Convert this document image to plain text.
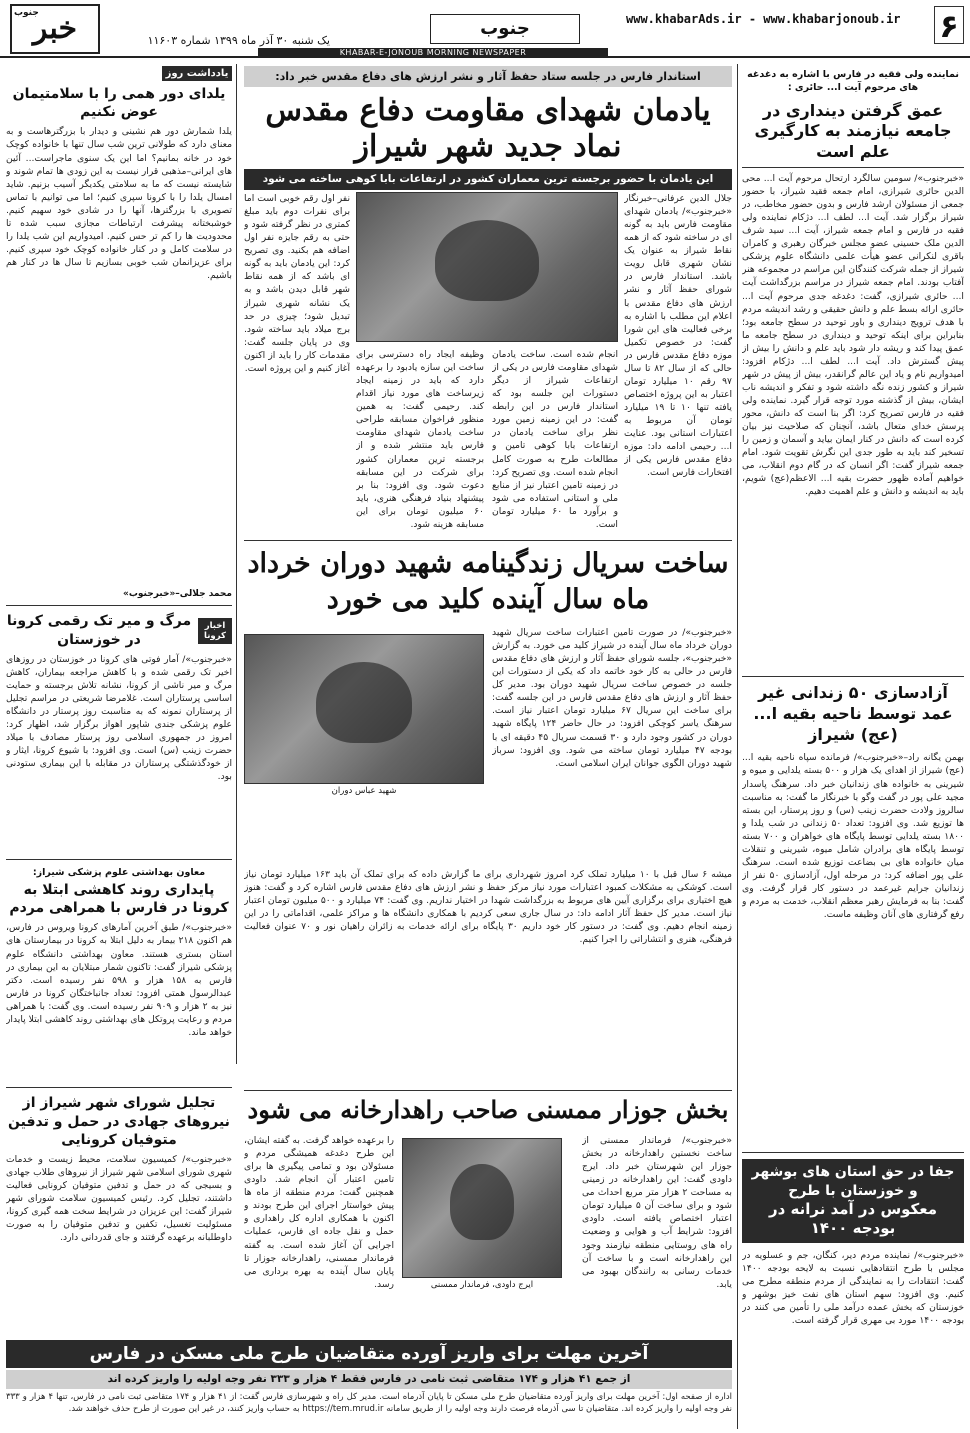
۶
www.khabarAds.ir - www.khabarjonoub.ir
جنوب
KHABAR-E-JONOUB MORNING NEWSPAPER
خبر
جنوب
یک شنبه ۳۰ آذر ماه ۱۳۹۹ شماره ۱۱۶۰۳
نماینده ولی فقیه در فارس با اشاره به دغدغه های مرحوم آیت ا... حائری :
عمق گرفتن دینداری در جامعه نیازمند به کارگیری علم است
«خبرجنوب»/ سومین سالگرد ارتحال مرحوم آیت ا... محی الدین حائری شیرازی، امام جمعه فقید شیراز، با حضور جمعی از مسئولان ارشد فارس و بدون حضور مخاطب، در شیراز برگزار شد. آیت ا... لطف ا... دژکام نماینده ولی فقیه در فارس و امام جمعه شیراز، آیت ا... سید شرف الدین ملک حسینی عضو مجلس خبرگان رهبری و کامران باقری لنکرانی عضو هیأت علمی دانشگاه علوم پزشکی شیراز از جمله شرکت کنندگان این مراسم در مجموعه هنر آفتاب بودند. امام جمعه شیراز در مراسم بزرگداشت آیت ا... حائری شیرازی، گفت: دغدغه جدی مرحوم آیت ا... حائری ارائه بسط علم و دانش حقیقی و رشد اندیشه مردم با هدف ترویج دینداری و باور توحید در سطح جامعه بود؛ بنابراین برای اینکه توحید و دینداری در سطح جامعه ما عمق پیدا کند و ریشه دار شود باید علم و دانش را بیش از پیش گسترش داد. آیت ا... لطف ا... دژکام افزود: امیدواریم نام و یاد این عالم گرانقدر، بیش از پیش در شهر شیراز و کشور زنده نگه داشته شود و تفکر و اندیشه ناب ایشان، بیش از گذشته مورد توجه قرار گیرد. نماینده ولی فقیه در فارس تصریح کرد: اگر بنا است که دانش، محور پرسش خدای متعال باشد، آنچنان که صلاحیت نیز بیان کرده است که دانش در کنار ایمان بیاید و آسمان و زمین را تسخیر کند باید به طور جدی این نگرش تقویت شود. امام جمعه شیراز گفت: اگر انسان که در گام دوم انقلاب، می خواهیم آماده ظهور حضرت بقیه ا... الاعظم(عج) شویم، باید به اندیشه و دانش و علم اهمیت دهیم.
آزادسازی ۵۰ زندانی غیر عمد توسط ناحیه بقیه ا... (عج) شیراز
بهمن یگانه راد–«خبرجنوب»/ فرمانده سپاه ناحیه بقیه ا... (عج) شیراز از اهدای یک هزار و ۵۰۰ بسته یلدایی و میوه و شیرینی به خانواده های زندانیان خبر داد. سرهنگ پاسدار مجید علی پور در گفت وگو با خبرنگار ما گفت: به مناسبت سالروز ولادت حضرت زینب (س) و روز پرستار، این بسته ها توزیع شد. وی افزود: تعداد ۵۰ زندانی در شب یلدا و ۱۸۰۰ بسته یلدایی توسط پایگاه های خواهران و ۷۰۰ بسته توسط پایگاه های برادران شامل میوه، شیرینی و تنقلات میان خانواده های بی بضاعت توزیع شده است. سرهنگ علی پور اضافه کرد: در مرحله اول، آزادسازی ۵۰ نفر از زندانیان جرایم غیرعمد در دستور کار قرار گرفت. وی گفت: بنا به فرمایش رهبر معظم انقلاب، خدمت به مردم و رفع گرفتاری های آنان وظیفه ماست.
جفا در حق استان های بوشهر و خوزستان با طرح
معکوس در آمد نرانه در بودجه ۱۴۰۰
«خبرجنوب»/ نماینده مردم دیر، کنگان، جم و عسلویه در مجلس با طرح انتقادهایی نسبت به لایحه بودجه ۱۴۰۰ گفت: انتقادات را به نمایندگی از مردم منطقه مطرح می کنیم. وی افزود: سهم استان های نفت خیز بوشهر و خوزستان که بخش عمده درآمد ملی را تأمین می کنند در بودجه ۱۴۰۰ مورد بی مهری قرار گرفته است.
استاندار فارس در جلسه ستاد حفظ آثار و نشر ارزش های دفاع مقدس خبر داد:
یادمان شهدای مقاومت دفاع مقدس نماد جدید شهر شیراز
این یادمان با حضور برجسته ترین معماران کشور در ارتفاعات بابا کوهی ساخته می شود
جلال الدین عرفانی–خبرنگار «خبرجنوب»/ یادمان شهدای مقاومت فارس باید به گونه ای در ساخته شود که از همه نقاط شیراز به عنوان یک نشان شهری قابل رویت باشد. استاندار فارس در شورای حفظ آثار و نشر ارزش های دفاع مقدس با اعلام این مطلب با اشاره به برخی فعالیت های این شورا گفت: در خصوص تکمیل موزه دفاع مقدس فارس در حالی که از سال ۸۲ تا سال ۹۷ رقم ۱۰ میلیارد تومان اعتبار به این پروژه اختصاص یافته تنها ۱۰ تا ۱۹ میلیارد تومان آن مربوط به اعتبارات استانی بود. عنایت ا... رحیمی ادامه داد: موزه دفاع مقدس فارس یکی از افتخارات فارس است.
انجام شده است. ساخت یادمان شهدای مقاومت فارس در یکی از ارتفاعات شیراز از دیگر دستورات این جلسه بود که استاندار فارس در این رابطه گفت: در این زمینه زمین مورد نظر برای ساخت یادمان در ارتفاعات بابا کوهی تامین و مطالعات طرح به صورت کامل انجام شده است. وی تصریح کرد: در زمینه تامین اعتبار نیز از منابع ملی و استانی استفاده می شود و برآورد ما ۶۰ میلیارد تومان است.
وظیفه ایجاد راه دسترسی برای ساخت این سازه یادبود را برعهده دارد که باید در زمینه ایجاد زیرساخت های مورد نیاز اقدام کند. رحیمی گفت: به همین منظور فراخوان مسابقه طراحی ساخت یادمان شهدای مقاومت فارس باید منتشر شده و از برجسته ترین معماران کشور برای شرکت در این مسابقه دعوت شود. وی افزود: بنا بر پیشنهاد بنیاد فرهنگی هنری، باید ۶۰ میلیون تومان برای این مسابقه هزینه شود.
نفر اول رقم خوبی است اما برای نفرات دوم باید مبلغ کمتری در نظر گرفته شود و حتی به رقم جایزه نفر اول اضافه هم بکنید. وی تصریح کرد: این یادمان باید به گونه ای باشد که از همه نقاط شهر قابل دیدن باشد و به یک نشانه شهری شیراز تبدیل شود؛ چیزی در حد برج میلاد باید ساخته شود. وی در پایان جلسه گفت: مقدمات کار را باید از اکنون آغاز کنیم و این پروژه است.
ساخت سریال زندگینامه شهید دوران خرداد ماه سال آینده کلید می خورد
«خبرجنوب»/ در صورت تامین اعتبارات ساخت سریال شهید دوران خرداد ماه سال آینده در شیراز کلید می خورد. به گزارش «خبرجنوب»، جلسه شورای حفظ آثار و ارزش های دفاع مقدس فارس در حالی به کار خود خاتمه داد که یکی از دستورات این جلسه در خصوص ساخت سریال شهید دوران بود. مدیر کل حفظ آثار و ارزش های دفاع مقدس فارس در این جلسه گفت: برای ساخت این سریال ۶۷ میلیارد تومان اعتبار نیاز است. سرهنگ یاسر کوچکی افزود: در حال حاضر ۱۲۴ پایگاه شهید دوران در کشور وجود دارد و ۳۰ قسمت سریال ۴۵ دقیقه ای با بودجه ۴۷ میلیارد تومان ساخته می شود. وی افزود: سرباز شهید دوران الگوی جوانان ایران اسلامی است.
شهید عباس دوران
میشه ۶ سال قبل با ۱۰ میلیارد تملک کرد امروز شهرداری برای ما گزارش داده که برای تملک آن باید ۱۶۳ میلیارد تومان نیاز است. کوشکی به مشکلات کمبود اعتبارات مورد نیاز مرکز حفظ و نشر ارزش های دفاع مقدس فارس اشاره کرد و گفت: هنوز هیچ اختیاری برای برگزاری آیین های مربوط به بزرگداشت شهدا در اختیار نداریم. وی گفت: ۷۴ میلیارد و ۵۰۰ میلیون تومان اعتبار نیاز است. مدیر کل حفظ آثار ادامه داد: در سال جاری سعی کردیم با همکاری دانشگاه ها و مراکز علمی، اقداماتی را در این زمینه انجام دهیم. وی گفت: در دستور کار خود داریم ۳۰ پایگاه برای ارائه خدمات به زائران راهیان نور و ۷۰ عنوان فعالیت فرهنگی، هنری و انتشاراتی را اجرا کنیم.
بخش جوزار ممسنی صاحب راهدارخانه می شود
«خبرجنوب»/ فرماندار ممسنی از ساخت نخستین راهدارخانه در بخش جوزار این شهرستان خبر داد. ایرج داودی گفت: این راهدارخانه در زمینی به مساحت ۲ هزار متر مربع احداث می شود و برای ساخت آن ۵ میلیارد تومان اعتبار اختصاص یافته است. داودی افزود: شرایط آب و هوایی و وضعیت راه های روستایی منطقه نیازمند وجود این راهدارخانه است و با ساخت آن خدمات رسانی به رانندگان بهبود می یابد.
ایرج داودی، فرماندار ممسنی
را برعهده خواهد گرفت. به گفته ایشان، این طرح دغدغه همیشگی مردم و مسئولان بود و تمامی پیگیری ها برای تامین اعتبار آن انجام شد. داودی همچنین گفت: مردم منطقه از ماه ها پیش خواستار اجرای این طرح بودند و اکنون با همکاری اداره کل راهداری و حمل و نقل جاده ای فارس، عملیات اجرایی آن آغاز شده است. به گفته فرماندار ممسنی، راهدارخانه جوزار تا پایان سال آینده به بهره برداری می رسد.
یادداشت روز
یلدای دور همی را با سلامتیمان عوض نکنیم
یلدا شمارش دور هم نشینی و دیدار با بزرگترهاست و به معنای دارد که طولانی ترین شب سال تنها با خانواده کوچک خود در خانه بمانیم؟ اما این یک سنوی ماجراست... آئین های ایرانی–مذهبی قرار نیست به این زودی ها تمام شوند و شایسته نیست که ما به سلامتی یکدیگر آسیب بزنیم. شاید امسال یلدا را با کرونا سپری کنیم؛ اما می توانیم با تماس تصویری با بزرگترها، آنها را در شادی خود سهیم کنیم. خوشبختانه پیشرفت ارتباطات مجازی سبب شده تا محدودیت ها را کم تر حس کنیم. امیدواریم این شب یلدا را در سلامت کامل و در کنار خانواده کوچک خود سپری کنیم. برای عزیزانمان شب خوبی بسازیم تا سال ها در کنار هم باشیم.
محمد جلالی–«خبرجنوب»
اخبار کرونا
مرگ و میر تک رقمی کرونا در خوزستان
«خبرجنوب»/ آمار فوتی های کرونا در خوزستان در روزهای اخیر تک رقمی شده و با کاهش مراجعه بیماران، کاهش مرگ و میر ناشی از کرونا، نشانه تلاش برجسته و حمایت اساسی پرستاران است. غلامرضا شریعتی در مراسم تجلیل از پرستاران نمونه که به مناسبت روز پرستار در دانشگاه علوم پزشکی جندی شاپور اهواز برگزار شد، اظهار کرد: امروز در جمهوری اسلامی روز پرستار مصادف با میلاد حضرت زینب (س) است. وی افزود: با شیوع کرونا، ایثار و از خودگذشتگی پرستاران در مقابله با این بیماری ستودنی بود.
معاون بهداشتی علوم پزشکی شیراز:
پایداری روند کاهشی ابتلا به کرونا در فارس با همراهی مردم
«خبرجنوب»/ طبق آخرین آمارهای کرونا ویروس در فارس، هم اکنون ۲۱۸ بیمار به دلیل ابتلا به کرونا در بیمارستان های استان بستری هستند. معاون بهداشتی دانشگاه علوم پزشکی شیراز گفت: تاکنون شمار مبتلایان به این بیماری در فارس به ۱۵۸ هزار و ۵۹۸ نفر رسیده است. دکتر عبدالرسول همتی افزود: تعداد جانباختگان کرونا در فارس نیز به ۲ هزار و ۹۰۹ نفر رسیده است. وی گفت: با همراهی مردم و رعایت پروتکل های بهداشتی روند کاهشی ابتلا پایدار خواهد ماند.
تجلیل شورای شهر شیراز از نیروهای جهادی در حمل و تدفین متوفیان کرونایی
«خبرجنوب»/ کمیسیون سلامت، محیط زیست و خدمات شهری شورای اسلامی شهر شیراز از نیروهای طلاب جهادی و بسیجی که در حمل و تدفین متوفیان کرونایی فعالیت داشتند، تجلیل کرد. رئیس کمیسیون سلامت شورای شهر شیراز گفت: این عزیزان در شرایط سخت همه گیری کرونا، مسئولیت تغسیل، تکفین و تدفین متوفیان را به صورت داوطلبانه برعهده گرفتند و جای قدردانی دارد.
آخرین مهلت برای واریز آورده متقاضیان طرح ملی مسکن در فارس
از جمع ۴۱ هزار و ۱۷۴ متقاضی ثبت نامی در فارس فقط ۴ هزار و ۳۳۳ نفر وجه اولیه را واریز کرده اند
اداره از صفحه اول: آخرین مهلت برای واریز آورده متقاضیان طرح ملی مسکن تا پایان آذرماه است. مدیر کل راه و شهرسازی فارس گفت: از ۴۱ هزار و ۱۷۴ متقاضی ثبت نامی در فارس، تنها ۴ هزار و ۳۳۳ نفر وجه اولیه را واریز کرده اند. متقاضیان تا سی آذرماه فرصت دارند وجه اولیه را از طریق سامانه https://tem.mrud.ir به حساب واریز کنند، در غیر این صورت از طرح حذف خواهند شد.
